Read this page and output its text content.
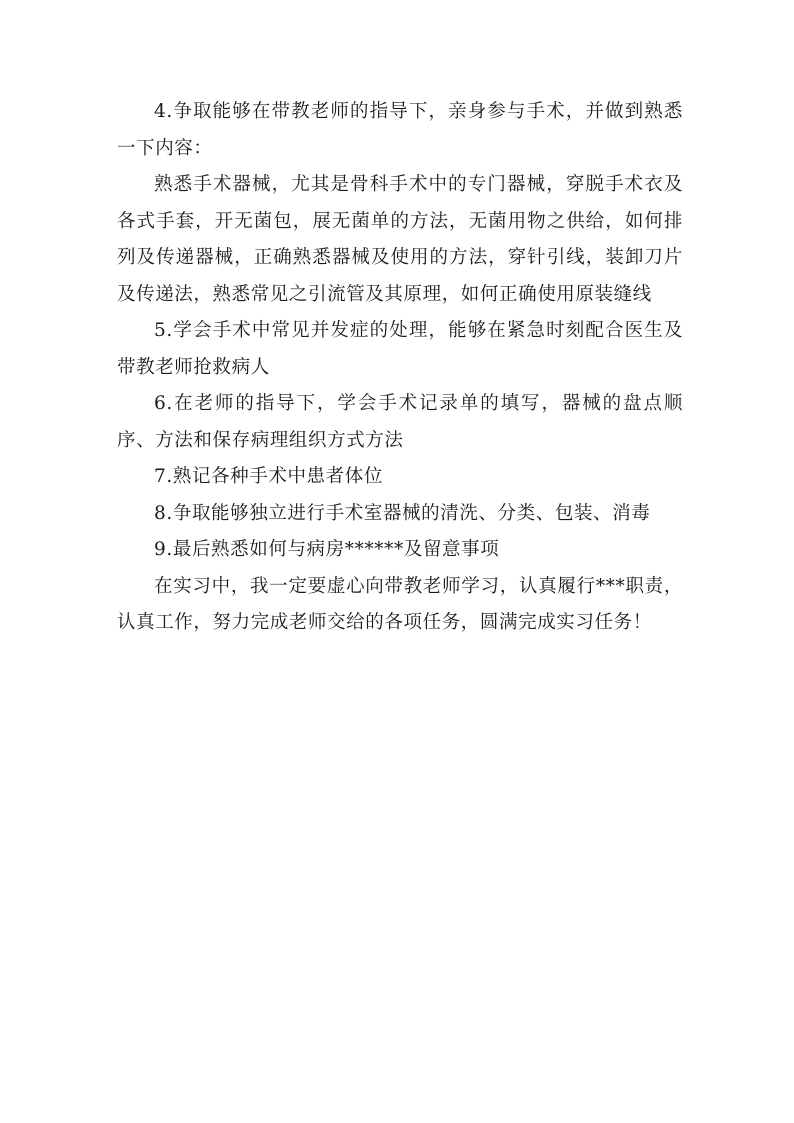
4.争取能够在带教老师的指导下，亲身参与手术，并做到熟悉一下内容：

熟悉手术器械，尤其是骨科手术中的专门器械，穿脱手术衣及各式手套，开无菌包，展无菌单的方法，无菌用物之供给，如何排列及传递器械，正确熟悉器械及使用的方法，穿针引线，装卸刀片及传递法，熟悉常见之引流管及其原理，如何正确使用原装缝线

5.学会手术中常见并发症的处理，能够在紧急时刻配合医生及带教老师抢救病人

6.在老师的指导下，学会手术记录单的填写，器械的盘点顺序、方法和保存病理组织方式方法

7.熟记各种手术中患者体位

8.争取能够独立进行手术室器械的清洗、分类、包装、消毒

9.最后熟悉如何与病房******及留意事项

在实习中，我一定要虚心向带教老师学习，认真履行***职责，认真工作，努力完成老师交给的各项任务，圆满完成实习任务！
